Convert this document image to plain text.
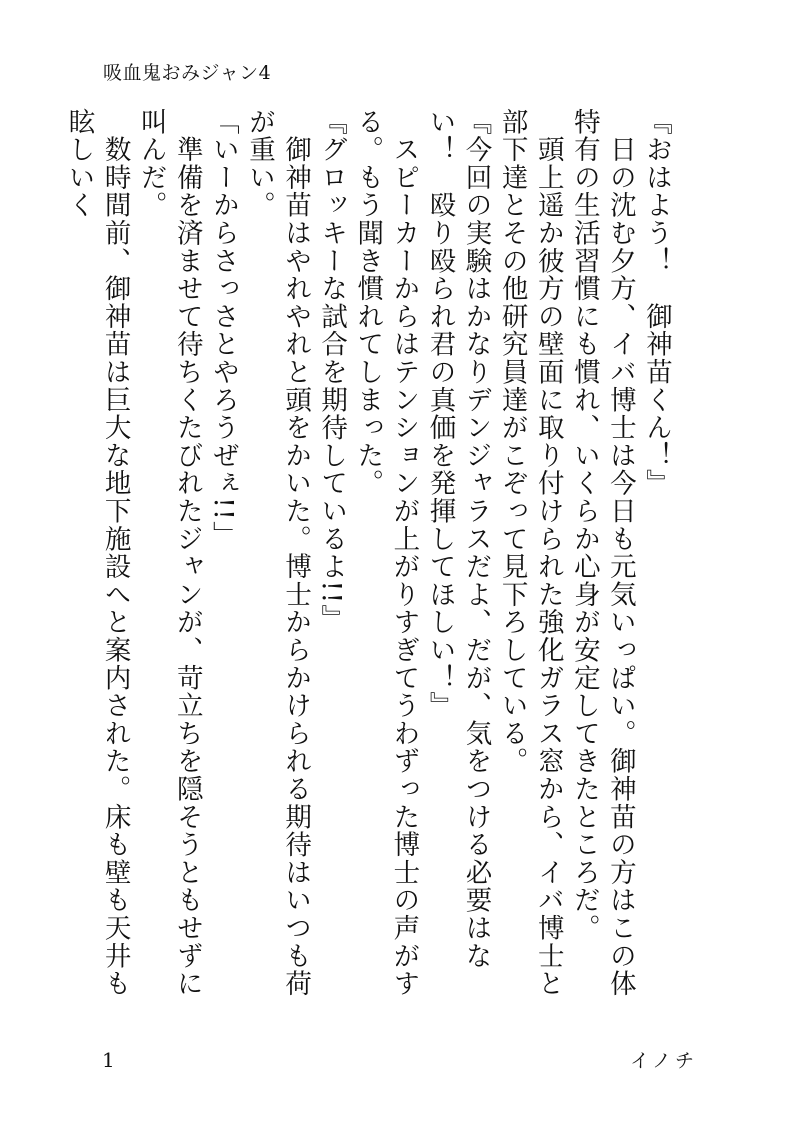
吸血鬼おみジャン4

『おはよう！　御神苗くん！』

　日の沈む夕方、イバ博士は今日も元気いっぱい。御神苗の方はこの体特有の生活習慣にも慣れ、いくらか心身が安定してきたところだ。

　頭上遥か彼方の壁面に取り付けられた強化ガラス窓から、イバ博士と部下達とその他研究員達がこぞって見下ろしている。

『今回の実験はかなりデンジャラスだよ、だが、気をつける必要はない！　殴り殴られ君の真価を発揮してほしい！』

　スピーカーからはテンションが上がりすぎてうわずった博士の声がする。もう聞き慣れてしまった。

『グロッキーな試合を期待しているよ!!』

　御神苗はやれやれと頭をかいた。博士からかけられる期待はいつも荷が重い。

「いーからさっさとやろうぜぇ!!」

　準備を済ませて待ちくたびれたジャンが、苛立ちを隠そうともせずに叫んだ。

　数時間前、御神苗は巨大な地下施設へと案内された。床も壁も天井も眩しいく

1	イノチ
